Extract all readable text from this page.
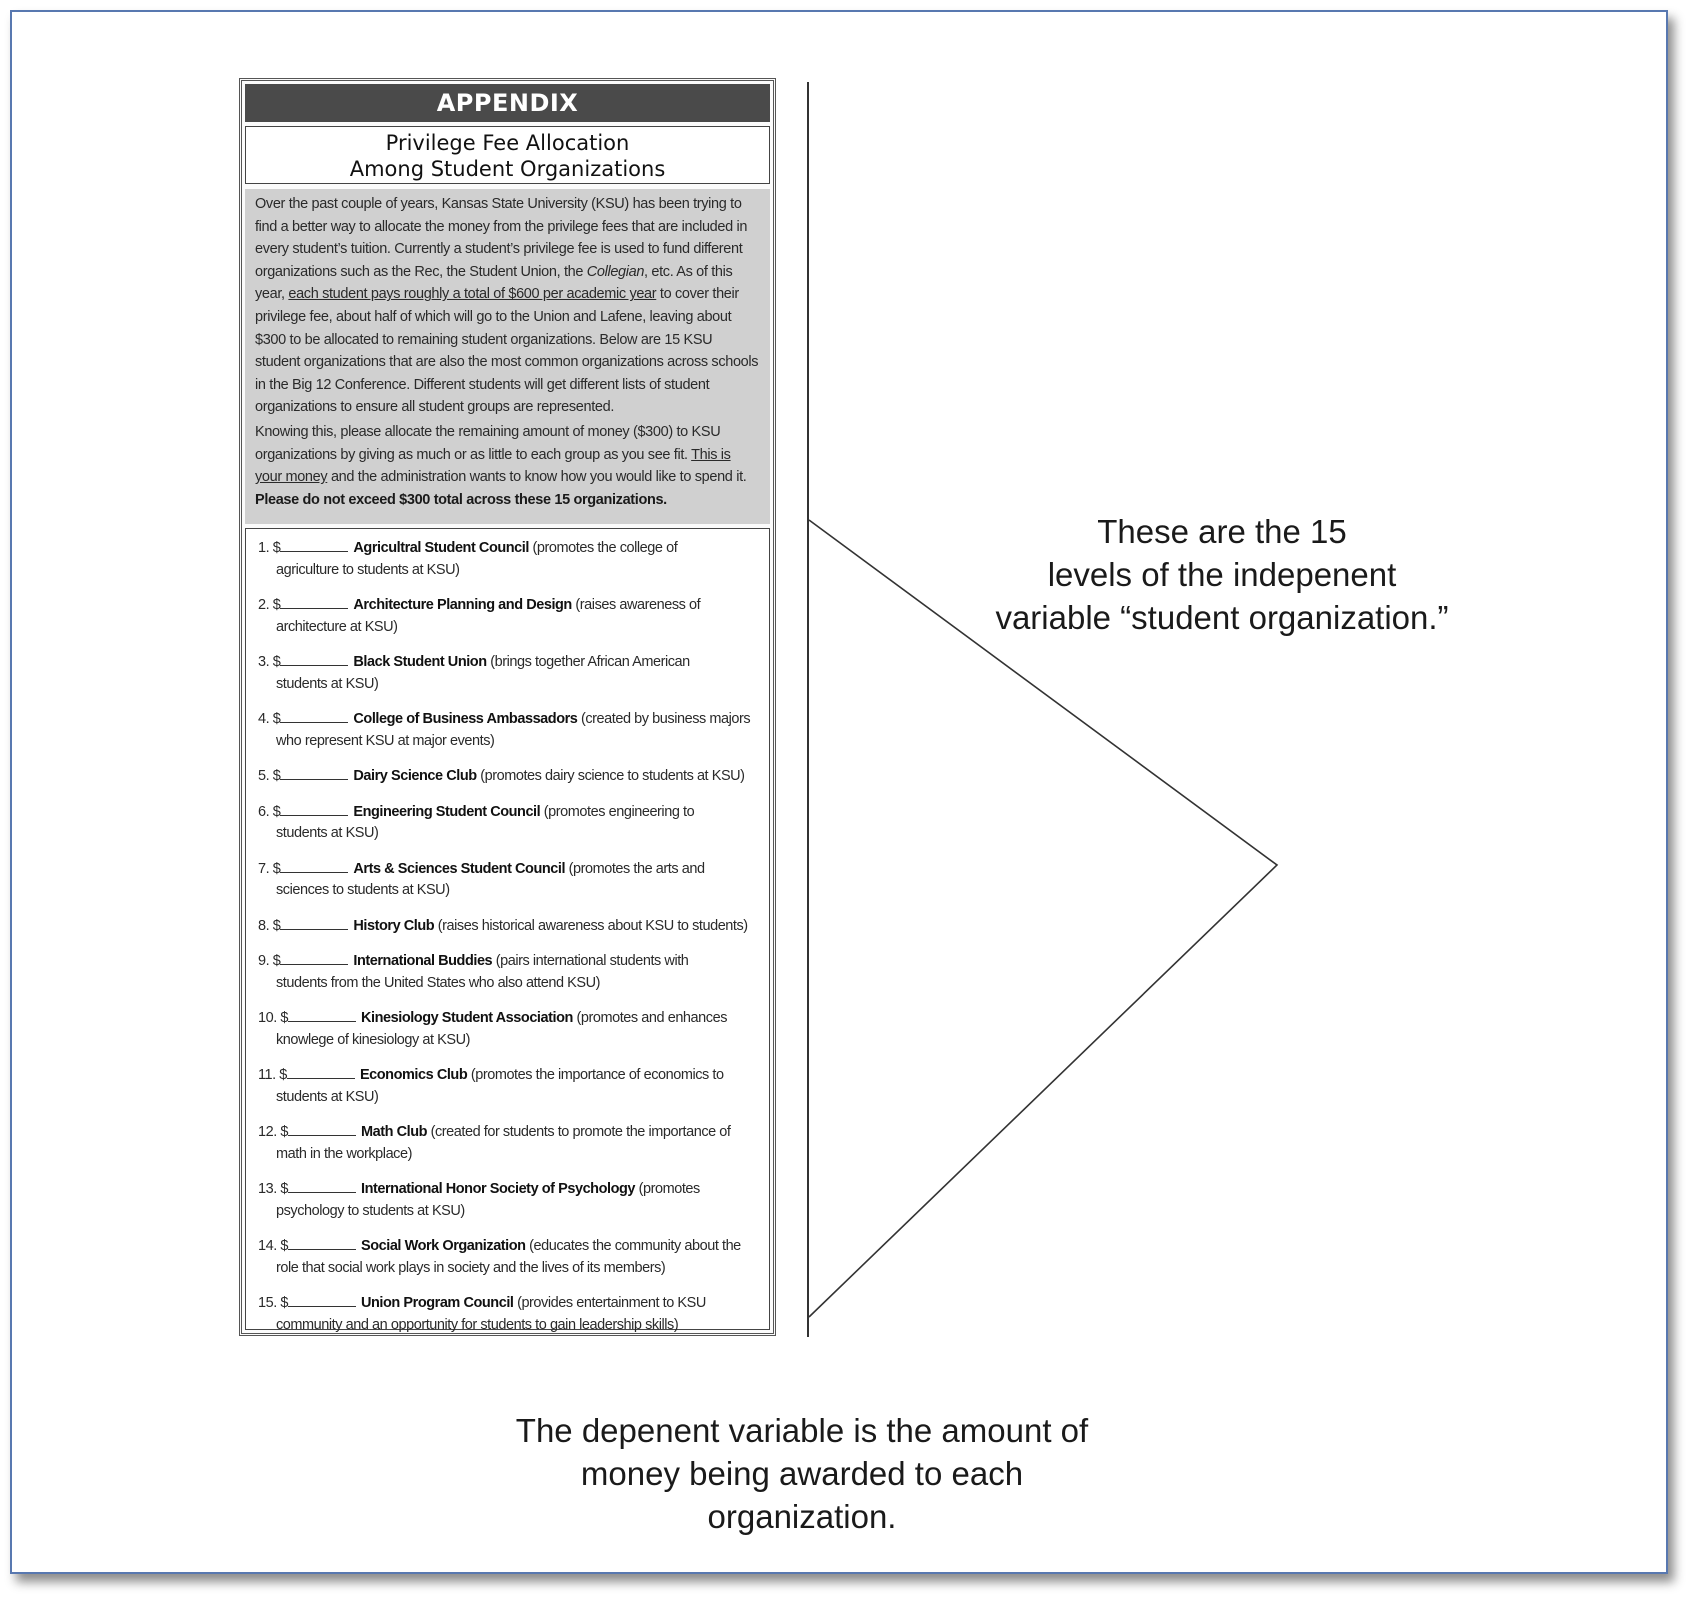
APPENDIX
Privilege Fee Allocation
Among Student Organizations

Over the past couple of years, Kansas State University (KSU) has been trying to find a better way to allocate the money from the privilege fees that are included in every student’s tuition. Currently a student’s privilege fee is used to fund different organizations such as the Rec, the Student Union, the Collegian, etc. As of this year, each student pays roughly a total of $600 per academic year to cover their privilege fee, about half of which will go to the Union and Lafene, leaving about $300 to be allocated to remaining student organizations. Below are 15 KSU student organizations that are also the most common organizations across schools in the Big 12 Conference. Different students will get different lists of student organizations to ensure all student groups are represented.

Knowing this, please allocate the remaining amount of money ($300) to KSU organizations by giving as much or as little to each group as you see fit. This is your money and the administration wants to know how you would like to spend it.
Please do not exceed $300 total across these 15 organizations.

1. $	Agricultral Student Council (promotes the college of
agriculture to students at KSU)
2. $	Architecture Planning and Design (raises awareness of
architecture at KSU)
3. $	Black Student Union (brings together African American
students at KSU)
4. $	College of Business Ambassadors (created by business majors
who represent KSU at major events)
5. $	Dairy Science Club (promotes dairy science to students at KSU)
6. $	Engineering Student Council (promotes engineering to
students at KSU)
7. $	Arts & Sciences Student Council (promotes the arts and
sciences to students at KSU)
8. $	History Club (raises historical awareness about KSU to students)
9. $	International Buddies (pairs international students with
students from the United States who also attend KSU)
10. $	Kinesiology Student Association (promotes and enhances
knowlege of kinesiology at KSU)
11. $	Economics Club (promotes the importance of economics to
students at KSU)
12. $	Math Club (created for students to promote the importance of
math in the workplace)
13. $	International Honor Society of Psychology (promotes
psychology to students at KSU)
14. $	Social Work Organization (educates the community about the
role that social work plays in society and the lives of its members)
15. $	Union Program Council (provides entertainment to KSU
community and an opportunity for students to gain leadership skills)
These are the 15
levels of the indepenent
variable “student organization.”
The depenent variable is the amount of
money being awarded to each
organization.
